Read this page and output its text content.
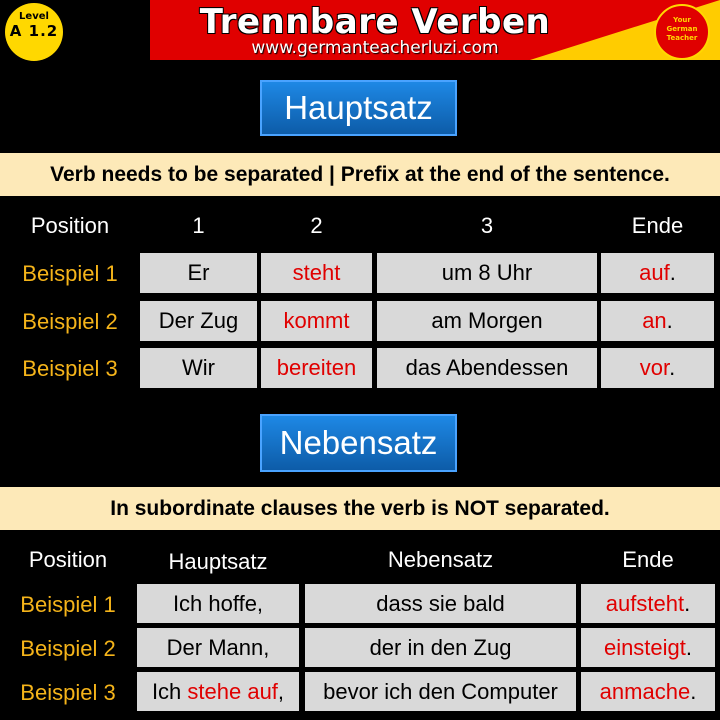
Level
A 1.2	Trennbare Verben
www.germanteacherluzi.com
Your
German
Teacher
Hauptsatz
Verb needs to be separated | Prefix at the end of the sentence.
Position	1	2	3	Ende
Beispiel 1	Er	steht	um 8 Uhr	auf.
Beispiel 2	Der Zug	kommt	am Morgen	an.
Beispiel 3	Wir	bereiten	das Abendessen	vor.
Nebensatz
In subordinate clauses the verb is NOT separated.
Position	Hauptsatz	Nebensatz	Ende
Beispiel 1	Ich hoffe,	dass sie bald	aufsteht.
Beispiel 2	Der Mann,	der in den Zug	einsteigt.
Beispiel 3	Ich stehe auf,	bevor ich den Computer	anmache.
